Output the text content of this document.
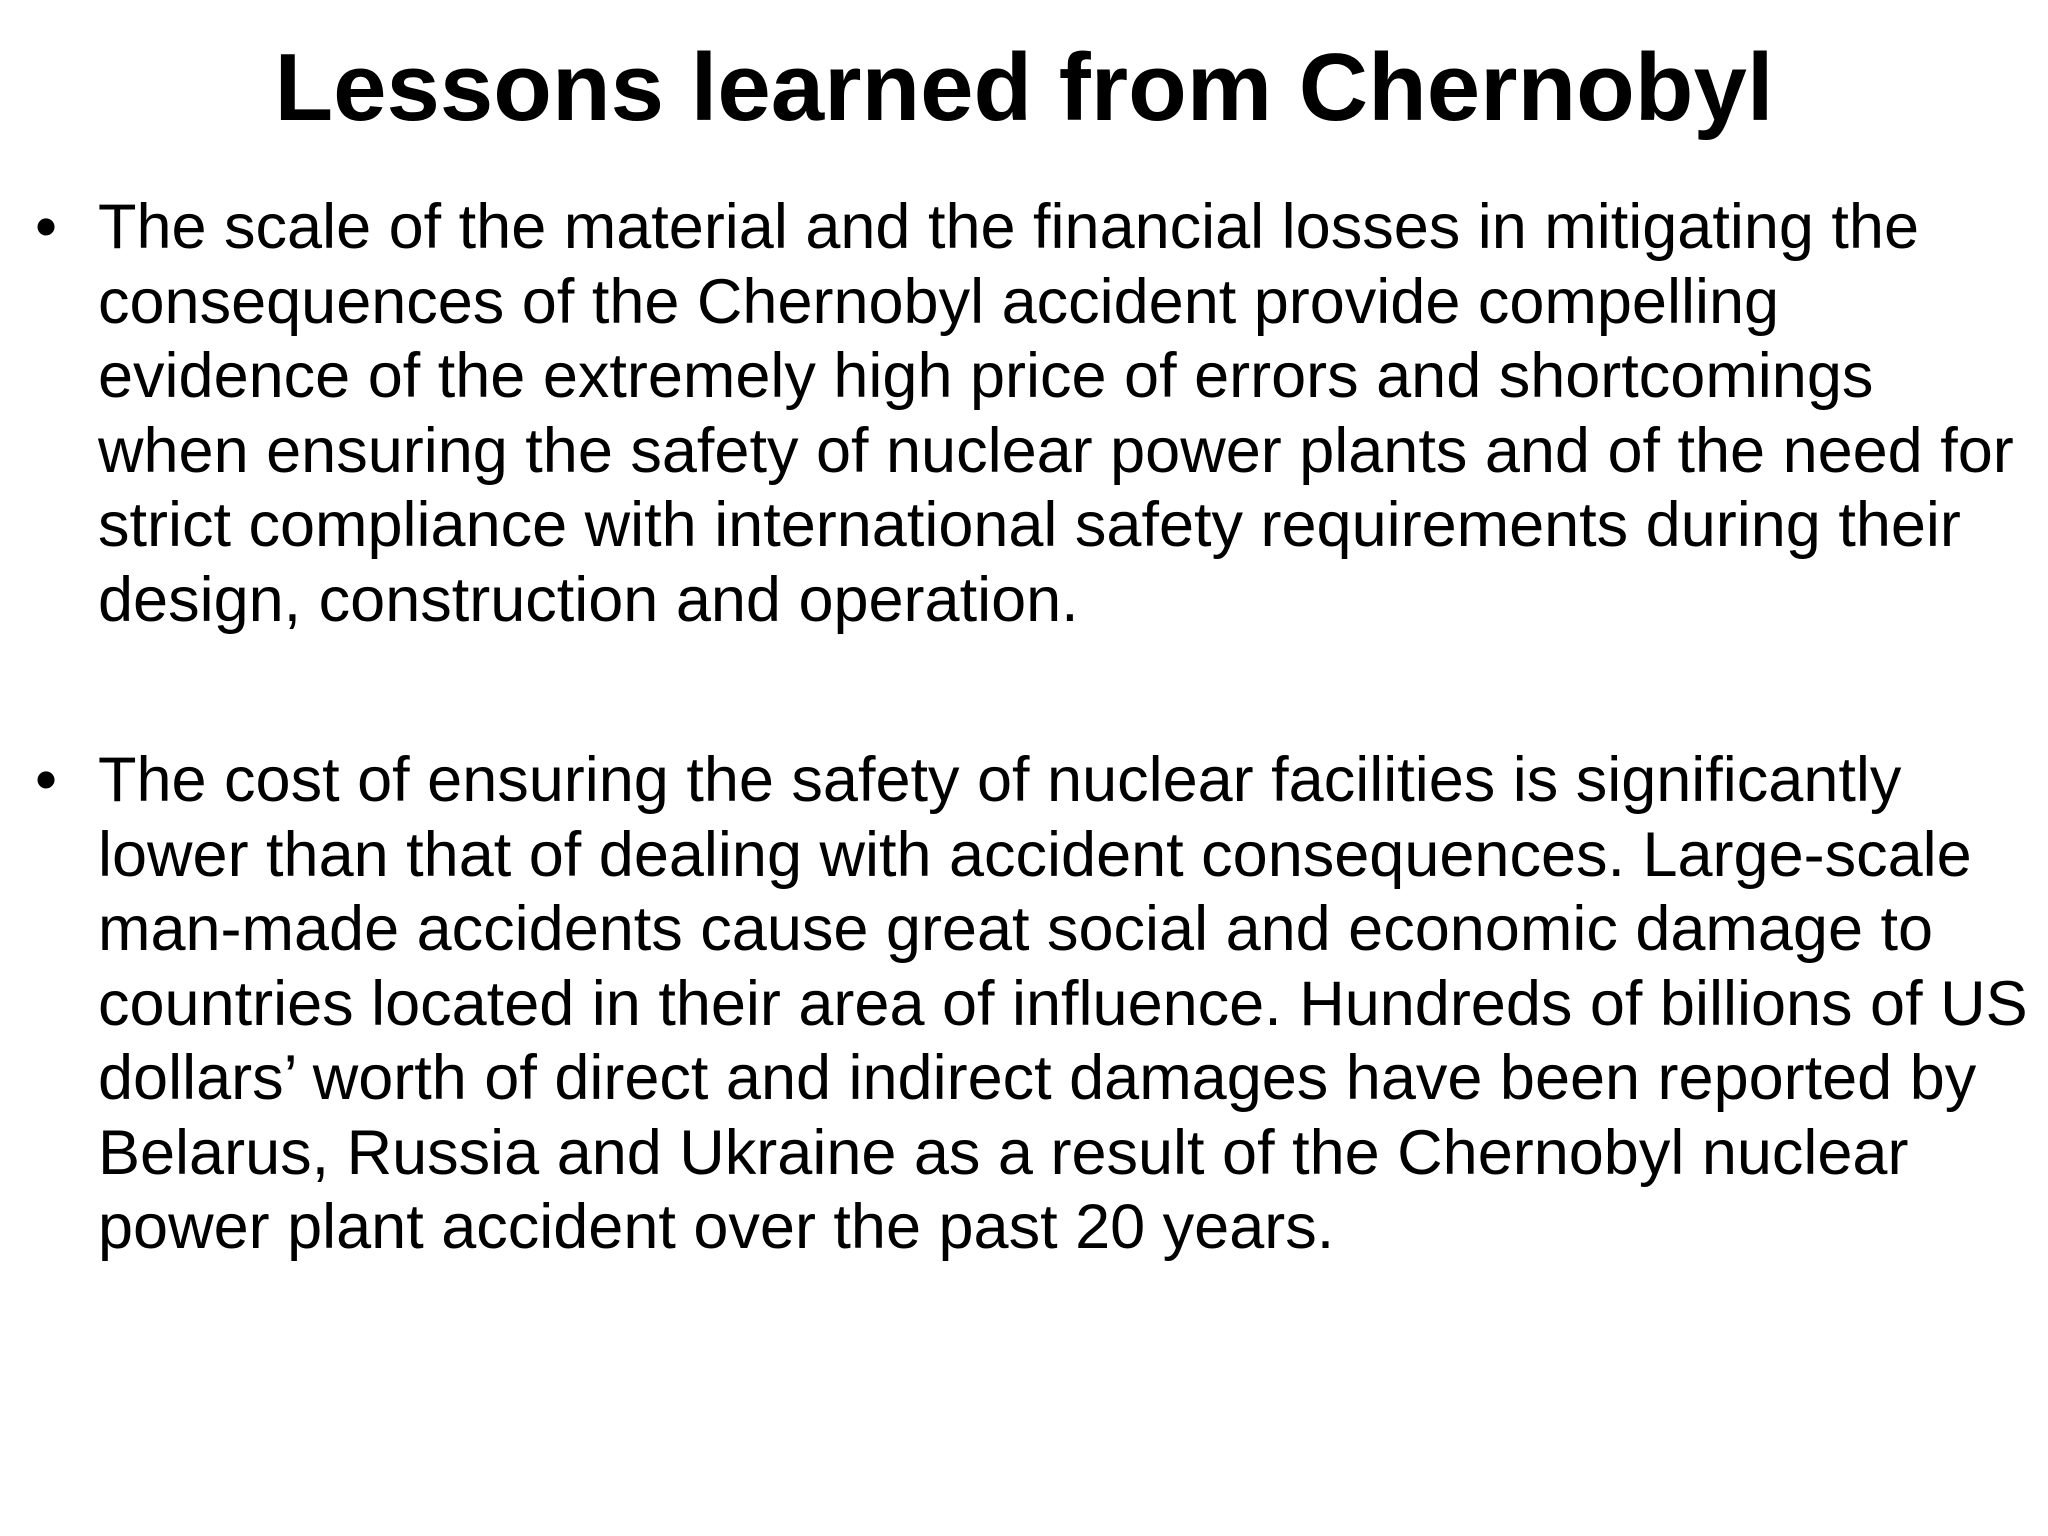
Lessons learned from Chernobyl
• The scale of the material and the financial losses in mitigating the consequences of the Chernobyl accident provide compelling evidence of the extremely high price of errors and shortcomings when ensuring the safety of nuclear power plants and of the need for strict compliance with international safety requirements during their design, construction and operation.
• The cost of ensuring the safety of nuclear facilities is significantly lower than that of dealing with accident consequences. Large-scale man-made accidents cause great social and economic damage to countries located in their area of influence. Hundreds of billions of US dollars’ worth of direct and indirect damages have been reported by Belarus, Russia and Ukraine as a result of the Chernobyl nuclear power plant accident over the past 20 years.
